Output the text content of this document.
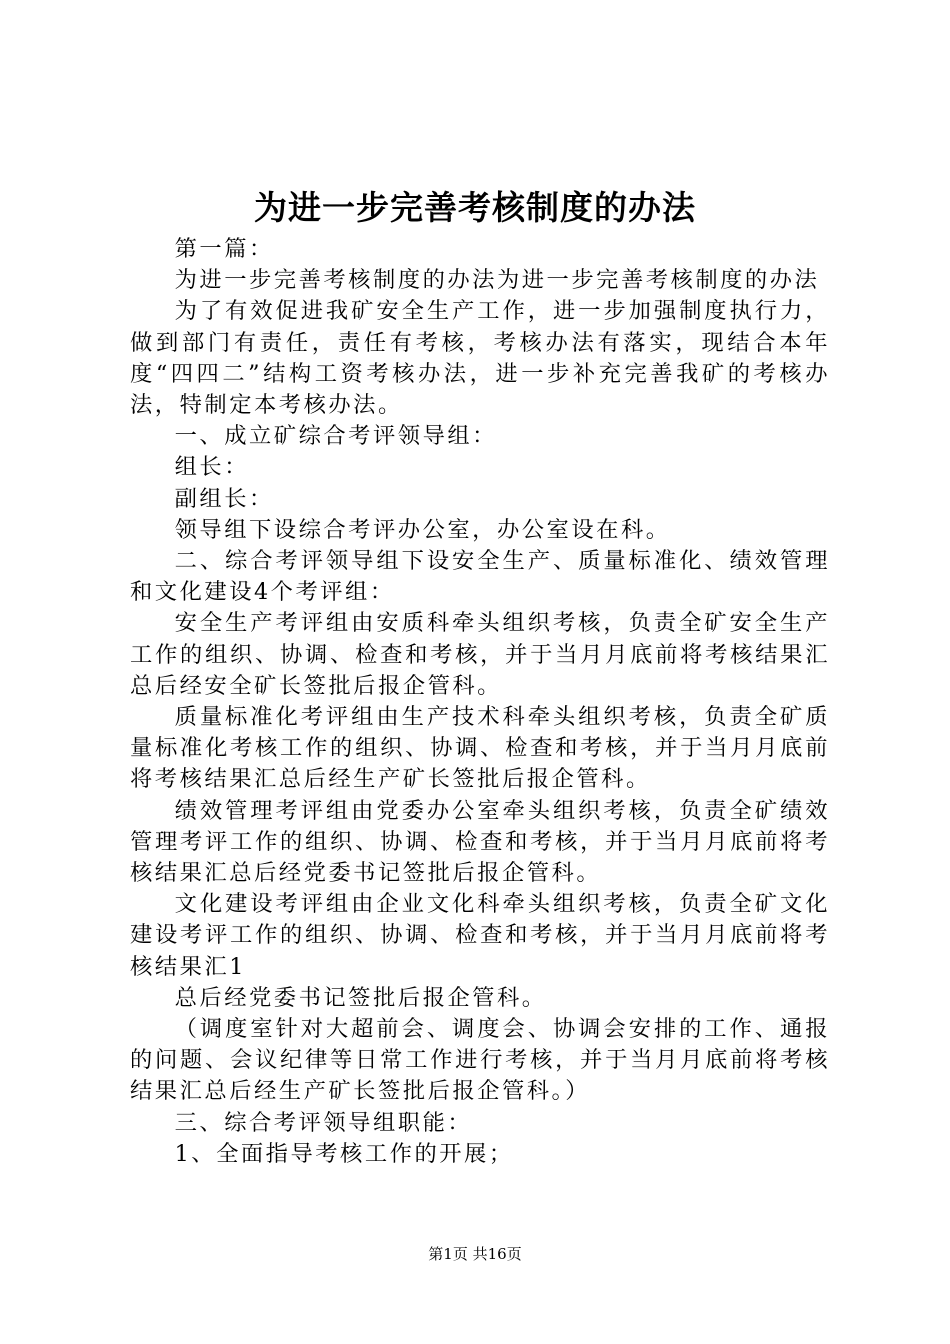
为进一步完善考核制度的办法

第一篇：

为进一步完善考核制度的办法为进一步完善考核制度的办法

为了有效促进我矿安全生产工作，进一步加强制度执行力，做到部门有责任，责任有考核，考核办法有落实，现结合本年度“四四二”结构工资考核办法，进一步补充完善我矿的考核办法，特制定本考核办法。

一、成立矿综合考评领导组：

组长：

副组长：

领导组下设综合考评办公室，办公室设在科。

二、综合考评领导组下设安全生产、质量标准化、绩效管理和文化建设4个考评组：

安全生产考评组由安质科牵头组织考核，负责全矿安全生产工作的组织、协调、检查和考核，并于当月月底前将考核结果汇总后经安全矿长签批后报企管科。

质量标准化考评组由生产技术科牵头组织考核，负责全矿质量标准化考核工作的组织、协调、检查和考核，并于当月月底前将考核结果汇总后经生产矿长签批后报企管科。

绩效管理考评组由党委办公室牵头组织考核，负责全矿绩效管理考评工作的组织、协调、检查和考核，并于当月月底前将考核结果汇总后经党委书记签批后报企管科。

文化建设考评组由企业文化科牵头组织考核，负责全矿文化建设考评工作的组织、协调、检查和考核，并于当月月底前将考核结果汇1

总后经党委书记签批后报企管科。

（调度室针对大超前会、调度会、协调会安排的工作、通报的问题、会议纪律等日常工作进行考核，并于当月月底前将考核结果汇总后经生产矿长签批后报企管科。）

三、综合考评领导组职能：

1、全面指导考核工作的开展；

第1页 共16页
